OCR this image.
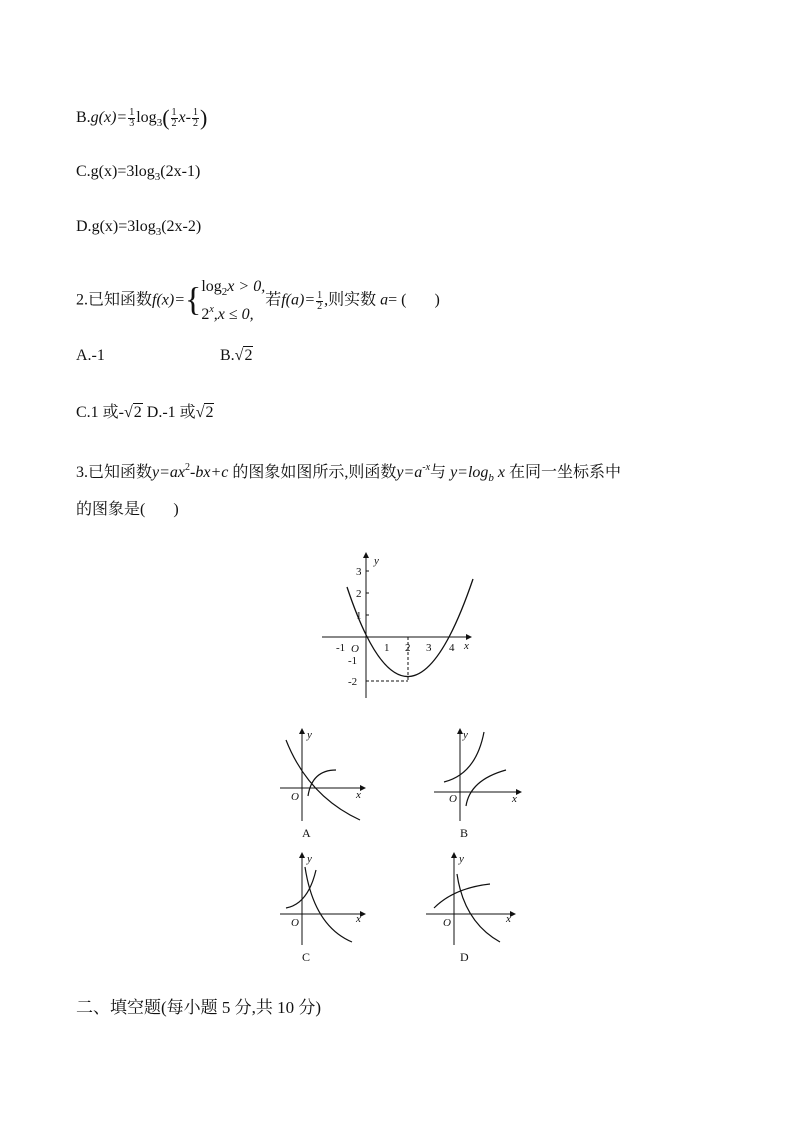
$B.g(x)= \frac{1}{3} \log_3( \frac{1}{2} x- \frac{1}{2}$ )
$C.g(x)=3\log_3(2x-1)$
$D.g(x)=3\log_3(2x-2)$
2.已知函数f(x)={ $\log_2x > 0$,
$2^x,x \le 0$,
若$f(a)= \frac{1}{2}$ ,则实数 a= ( )
A.-1	B.√2
C.1 或-√2 D.-1 或√2
3.已知函数$y=ax^2-bx+c$ 的图象如图所示,则函数$y=a^{-x}$与 $y=\log_b$ x 在同一坐标系中
的图象是( )
y
x
3
2
1
-1
-2
-1 O 1 2 3 4
y
x
O
A
y
x
O
B
y
x
O
C
y
x
O
D
二、填空题(每小题 5 分,共 10 分)
